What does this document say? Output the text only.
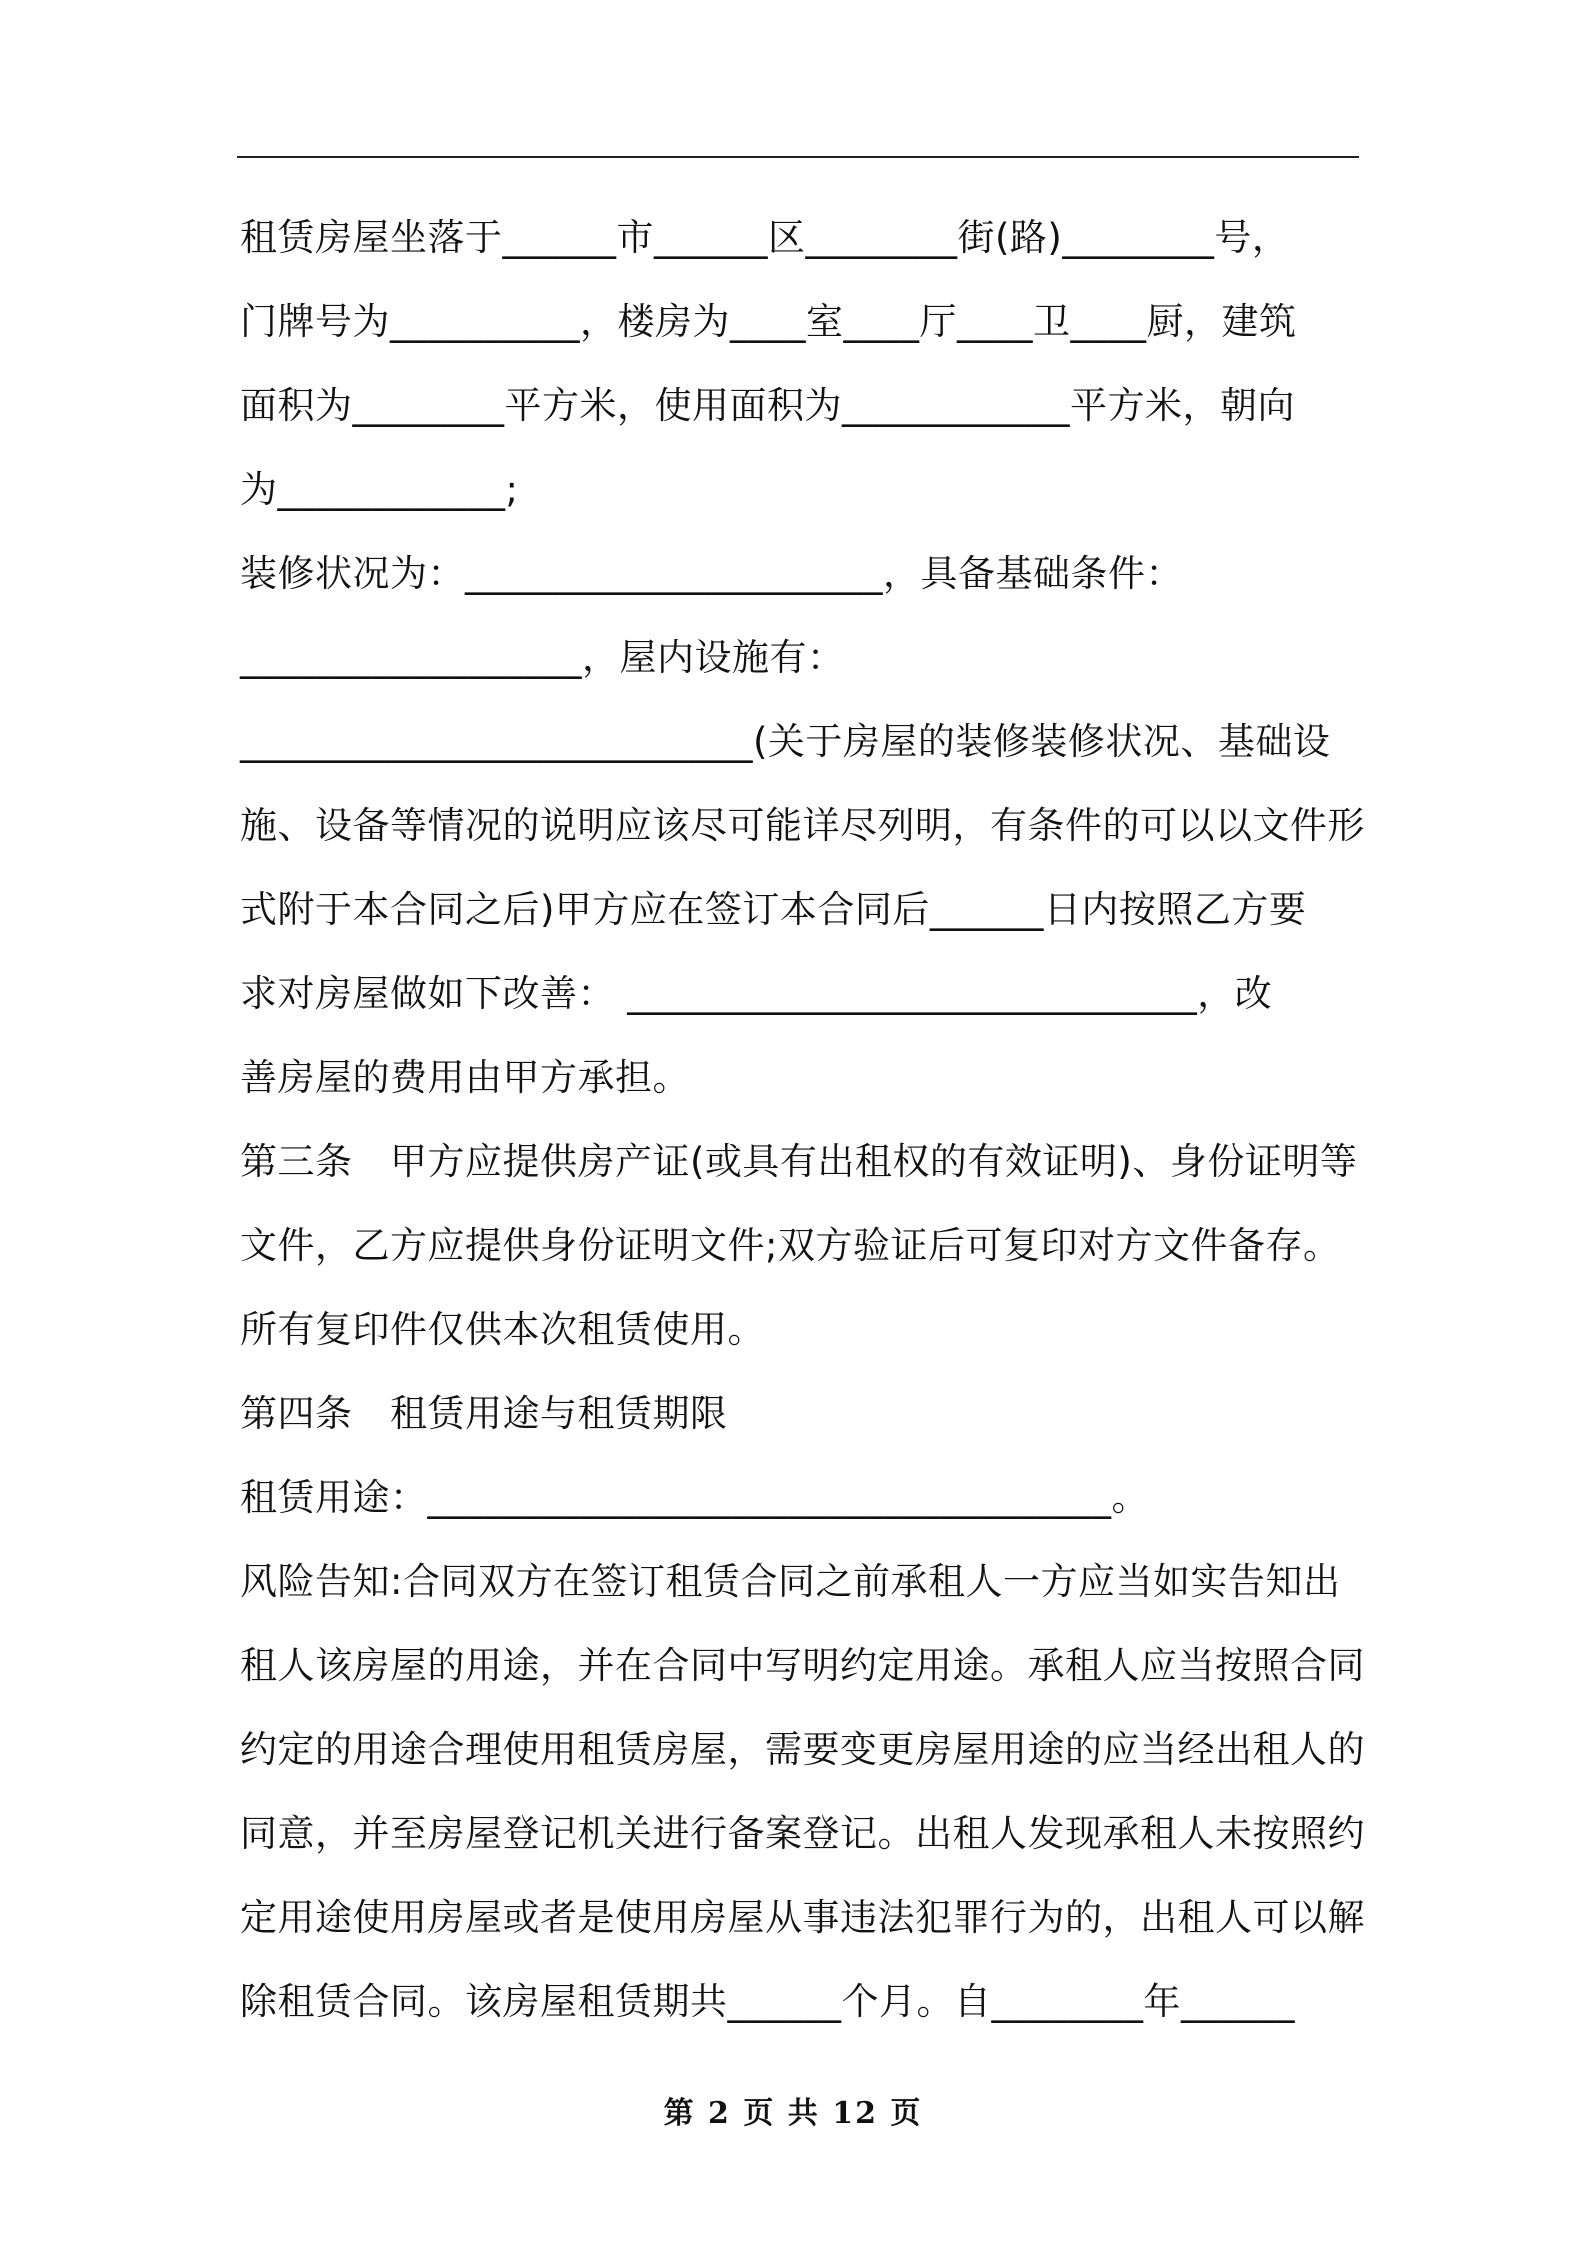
租赁房屋坐落于______市______区________街(路)________号，
门牌号为__________，楼房为____室____厅____卫____厨，建筑
面积为________平方米，使用面积为____________平方米，朝向
为____________;
装修状况为：______________________，具备基础条件：
__________________，屋内设施有：
___________________________(关于房屋的装修装修状况、基础设
施、设备等情况的说明应该尽可能详尽列明，有条件的可以以文件形
式附于本合同之后)甲方应在签订本合同后______日内按照乙方要
求对房屋做如下改善： ______________________________，改
善房屋的费用由甲方承担。
第三条　甲方应提供房产证(或具有出租权的有效证明)、身份证明等
文件，乙方应提供身份证明文件;双方验证后可复印对方文件备存。
所有复印件仅供本次租赁使用。
第四条　租赁用途与租赁期限
租赁用途：____________________________________。
风险告知:合同双方在签订租赁合同之前承租人一方应当如实告知出
租人该房屋的用途，并在合同中写明约定用途。承租人应当按照合同
约定的用途合理使用租赁房屋，需要变更房屋用途的应当经出租人的
同意，并至房屋登记机关进行备案登记。出租人发现承租人未按照约
定用途使用房屋或者是使用房屋从事违法犯罪行为的，出租人可以解
除租赁合同。该房屋租赁期共______个月。自________年______
第 2 页 共 12 页
